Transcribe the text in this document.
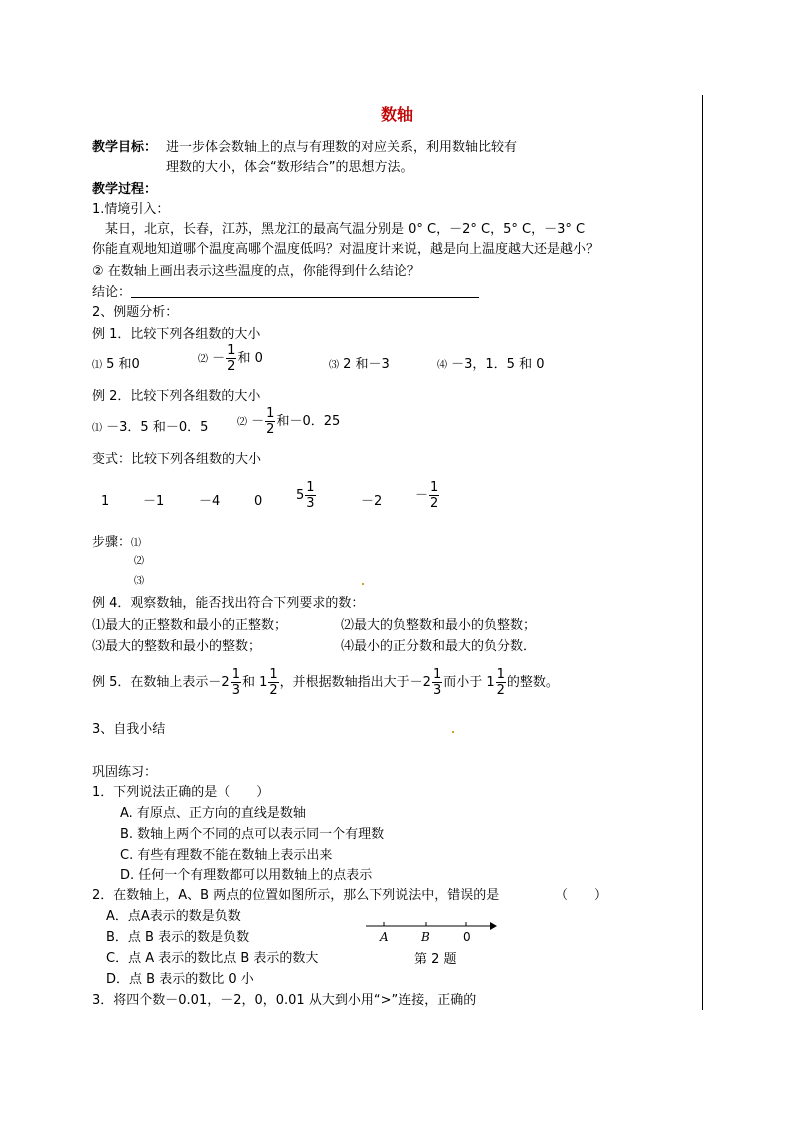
数轴
教学目标： 进一步体会数轴上的点与有理数的对应关系，利用数轴比较有
理数的大小，体会“数形结合”的思想方法。
教学过程：
1.情境引入：
某日，北京，长春，江苏，黑龙江的最高气温分别是 0° C，－2° C，5° C，－3° C
你能直观地知道哪个温度高哪个温度低吗？对温度计来说，越是向上温度越大还是越小？
② 在数轴上画出表示这些温度的点，你能得到什么结论？
结论：
2、例题分析：
例 1．比较下列各组数的大小
⑴ 5 和0	⑵ － $\frac{1}{2}$ 和 0	⑶ 2 和－3	⑷ －3，1．5 和 0
例 2．比较下列各组数的大小
⑴ －3．5 和－0．5	⑵ － $\frac{1}{2}$ 和－0．25
变式：比较下列各组数的大小
1	－1	－4	0	$5 \frac{1}{3}$	－2	－ $\frac{1}{2}$
步骤：⑴
⑵
⑶
例 4．观察数轴，能否找出符合下列要求的数：
⑴最大的正整数和最小的正整数；	⑵最大的负整数和最小的负整数；
⑶最大的整数和最小的整数；	⑷最小的正分数和最大的负分数．
例 5．在数轴上表示$-2 \frac{1}{3}$ 和 $1 \frac{1}{2}$ ，并根据数轴指出大于$-2 \frac{1}{3}$ 而小于 $1 \frac{1}{2}$ 的整数。
3、自我小结
巩固练习：
1．下列说法正确的是（　　）
A. 有原点、正方向的直线是数轴
B. 数轴上两个不同的点可以表示同一个有理数
C. 有些有理数不能在数轴上表示出来
D. 任何一个有理数都可以用数轴上的点表示
2．在数轴上，A、B 两点的位置如图所示，那么下列说法中，错误的是	（　　）
A．点A表示的数是负数
B．点 B 表示的数是负数
C．点 A 表示的数比点 B 表示的数大
D．点 B 表示的数比 0 小
A	B	0
第 2 题
3．将四个数－0.01，－2，0，0.01 从大到小用“>”连接，正确的
